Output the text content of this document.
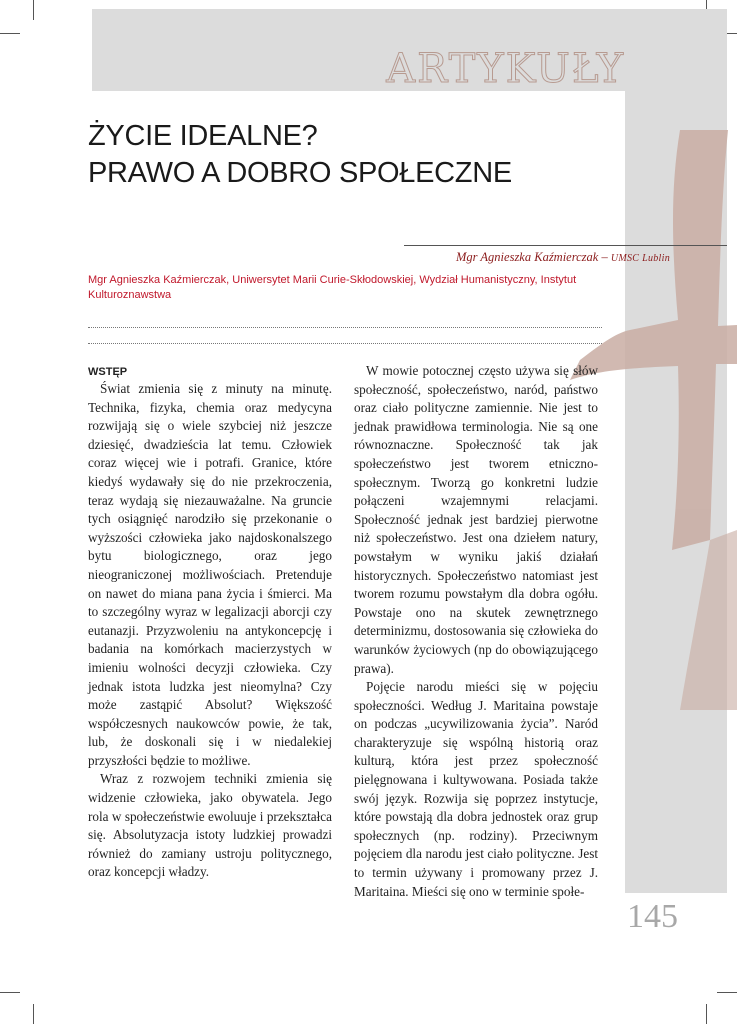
ARTYKUŁY
ŻYCIE IDEALNE?
PRAWO A DOBRO SPOŁECZNE
Mgr Agnieszka Kaźmierczak – UMSC Lublin
Mgr Agnieszka Kaźmierczak, Uniwersytet Marii Curie-Skłodowskiej, Wydział Humanistyczny, Instytut Kulturoznawstwa
WSTĘP

Świat zmienia się z minuty na minutę. Technika, fizyka, chemia oraz medycyna rozwijają się o wiele szybciej niż jeszcze dziesięć, dwadzieścia lat temu. Człowiek coraz więcej wie i potrafi. Granice, które kiedyś wydawały się do nie przekroczenia, teraz wydają się niezauważalne. Na gruncie tych osiągnięć narodziło się przekonanie o wyższości człowieka jako najdoskonalszego bytu biologicznego, oraz jego nieograniczonej możliwościach. Pretenduje on nawet do miana pana życia i śmierci. Ma to szczególny wyraz w legalizacji aborcji czy eutanazji. Przyzwoleniu na antykoncepcję i badania na komórkach macierzystych w imieniu wolności decyzji człowieka. Czy jednak istota ludzka jest nieomylna? Czy może zastąpić Absolut? Większość współczesnych naukowców powie, że tak, lub, że doskonali się i w niedalekiej przyszłości będzie to możliwe.

Wraz z rozwojem techniki zmienia się widzenie człowieka, jako obywatela. Jego rola w społeczeństwie ewoluuje i przekształca się. Absolutyzacja istoty ludzkiej prowadzi również do zamiany ustroju politycznego, oraz koncepcji władzy.

W mowie potocznej często używa się słów społeczność, społeczeństwo, naród, państwo oraz ciało polityczne zamiennie. Nie jest to jednak prawidłowa terminologia. Nie są one równoznaczne. Społeczność tak jak społeczeństwo jest tworem etniczno-społecznym. Tworzą go konkretni ludzie połączeni wzajemnymi relacjami. Społeczność jednak jest bardziej pierwotne niż społeczeństwo. Jest ona dziełem natury, powstałym w wyniku jakiś działań historycznych. Społeczeństwo natomiast jest tworem rozumu powstałym dla dobra ogółu. Powstaje ono na skutek zewnętrznego determinizmu, dostosowania się człowieka do warunków życiowych (np do obowiązującego prawa).

Pojęcie narodu mieści się w pojęciu społeczności. Według J. Maritaina powstaje on podczas „ucywilizowania życia”. Naród charakteryzuje się wspólną historią oraz kulturą, która jest przez społeczność pielęgnowana i kultywowana. Posiada także swój język. Rozwija się poprzez instytucje, które powstają dla dobra jednostek oraz grup społecznych (np. rodziny). Przeciwnym pojęciem dla narodu jest ciało polityczne. Jest to termin używany i promowany przez J. Maritaina. Mieści się ono w terminie społe-

145
